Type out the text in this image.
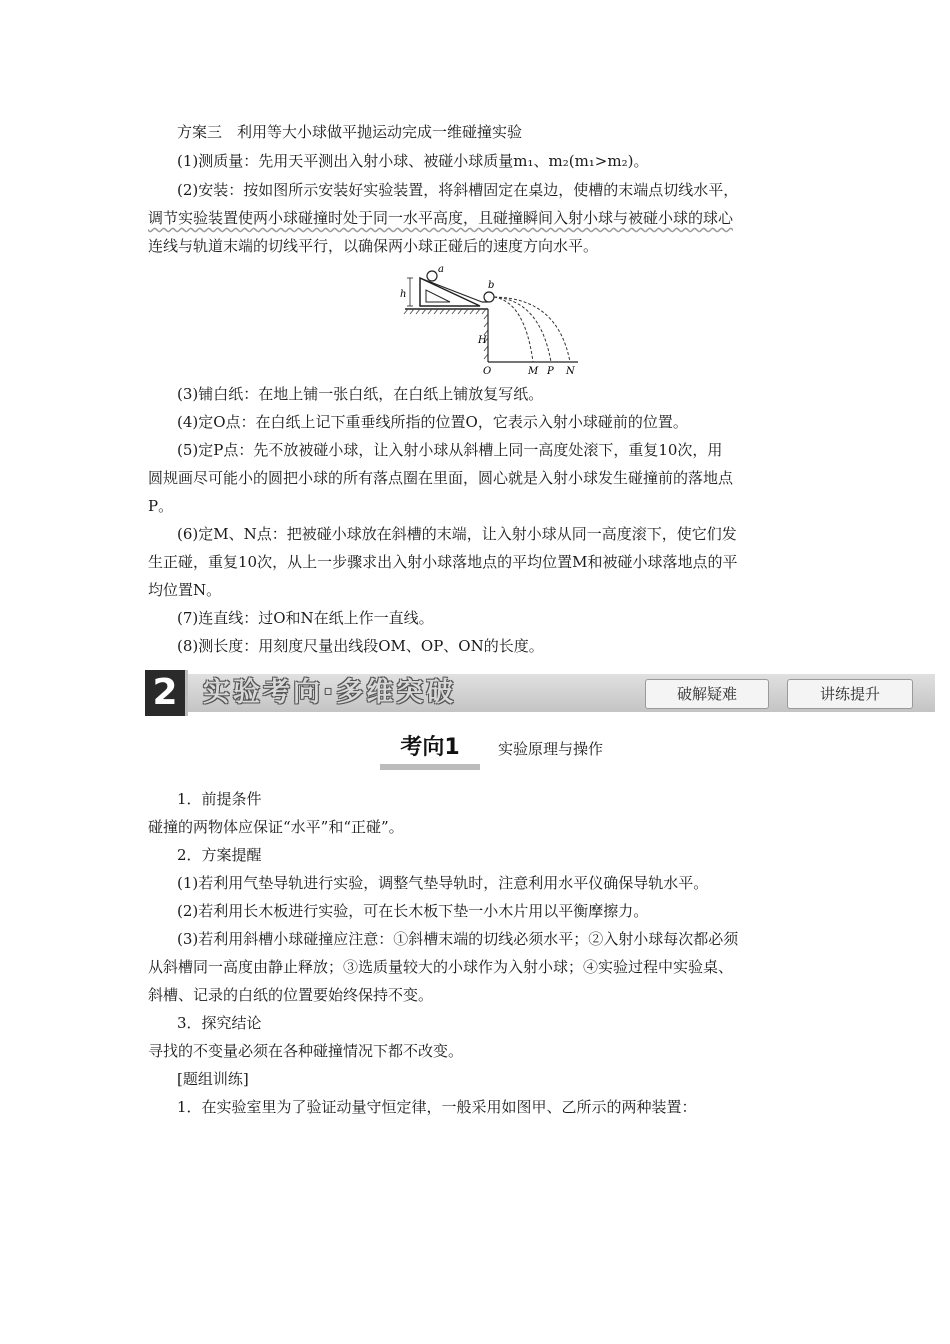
方案三　利用等大小球做平抛运动完成一维碰撞实验
(1)测质量：先用天平测出入射小球、被碰小球质量m₁、m₂(m₁>m₂)。
(2)安装：按如图所示安装好实验装置，将斜槽固定在桌边，使槽的末端点切线水平，
调节实验装置使两小球碰撞时处于同一水平高度，且碰撞瞬间入射小球与被碰小球的球心
连线与轨道末端的切线平行，以确保两小球正碰后的速度方向水平。
a
b
h
H
O	M P N
(3)铺白纸：在地上铺一张白纸，在白纸上铺放复写纸。
(4)定O点：在白纸上记下重垂线所指的位置O，它表示入射小球碰前的位置。
(5)定P点：先不放被碰小球，让入射小球从斜槽上同一高度处滚下，重复10次，用
圆规画尽可能小的圆把小球的所有落点圈在里面，圆心就是入射小球发生碰撞前的落地点
P。
(6)定M、N点：把被碰小球放在斜槽的末端，让入射小球从同一高度滚下，使它们发
生正碰，重复10次，从上一步骤求出入射小球落地点的平均位置M和被碰小球落地点的平
均位置N。
(7)连直线：过O和N在纸上作一直线。
(8)测长度：用刻度尺量出线段OM、OP、ON的长度。
2 实验考向·多维突破	破解疑难	讲练提升
考向1	实验原理与操作
1．前提条件
碰撞的两物体应保证“水平”和“正碰”。
2．方案提醒
(1)若利用气垫导轨进行实验，调整气垫导轨时，注意利用水平仪确保导轨水平。
(2)若利用长木板进行实验，可在长木板下垫一小木片用以平衡摩擦力。
(3)若利用斜槽小球碰撞应注意：①斜槽末端的切线必须水平；②入射小球每次都必须
从斜槽同一高度由静止释放；③选质量较大的小球作为入射小球；④实验过程中实验桌、
斜槽、记录的白纸的位置要始终保持不变。
3．探究结论
寻找的不变量必须在各种碰撞情况下都不改变。
[题组训练]
1．在实验室里为了验证动量守恒定律，一般采用如图甲、乙所示的两种装置：
